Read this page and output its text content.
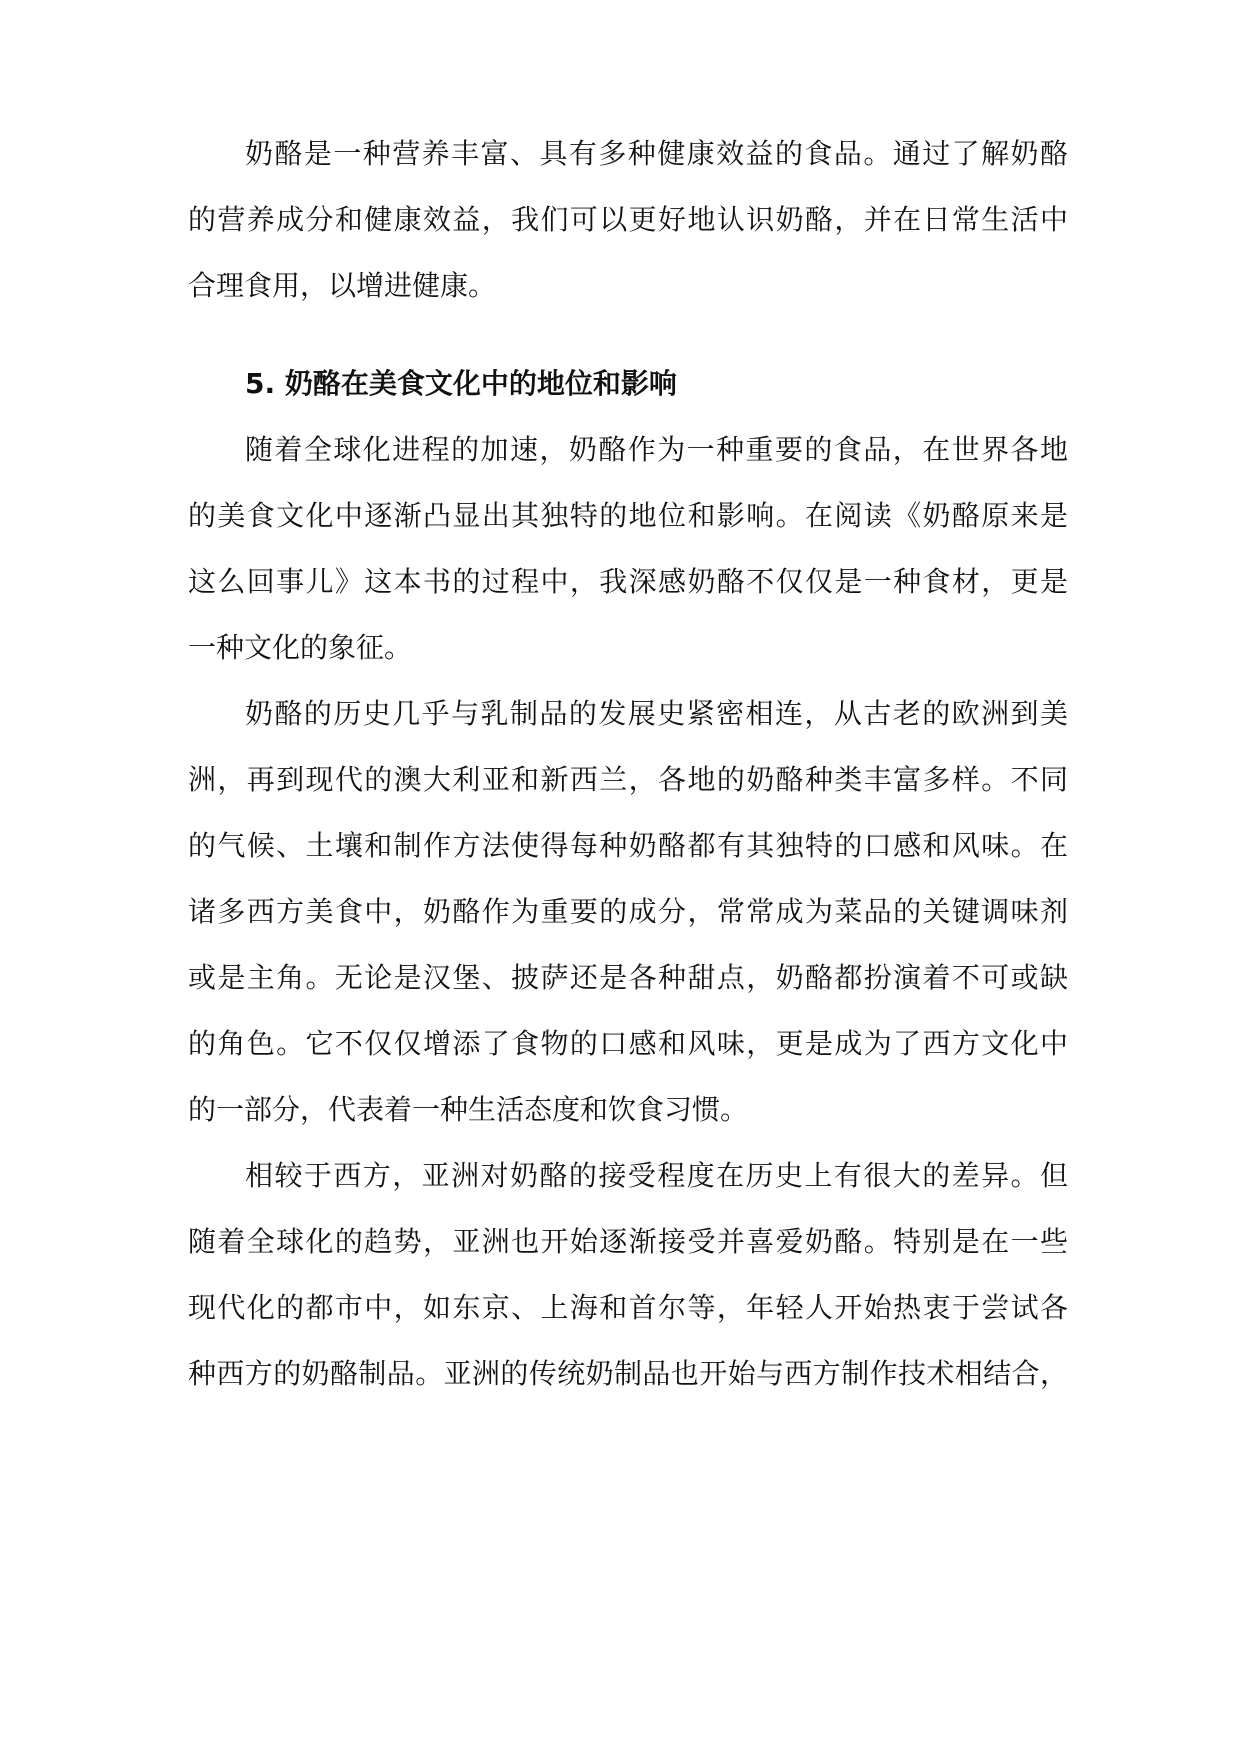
奶酪是一种营养丰富、具有多种健康效益的食品。通过了解奶酪
的营养成分和健康效益，我们可以更好地认识奶酪，并在日常生活中
合理食用，以增进健康。
5. 奶酪在美食文化中的地位和影响
随着全球化进程的加速，奶酪作为一种重要的食品，在世界各地
的美食文化中逐渐凸显出其独特的地位和影响。在阅读《奶酪原来是
这么回事儿》这本书的过程中，我深感奶酪不仅仅是一种食材，更是
一种文化的象征。
奶酪的历史几乎与乳制品的发展史紧密相连，从古老的欧洲到美
洲，再到现代的澳大利亚和新西兰，各地的奶酪种类丰富多样。不同
的气候、土壤和制作方法使得每种奶酪都有其独特的口感和风味。在
诸多西方美食中，奶酪作为重要的成分，常常成为菜品的关键调味剂
或是主角。无论是汉堡、披萨还是各种甜点，奶酪都扮演着不可或缺
的角色。它不仅仅增添了食物的口感和风味，更是成为了西方文化中
的一部分，代表着一种生活态度和饮食习惯。
相较于西方，亚洲对奶酪的接受程度在历史上有很大的差异。但
随着全球化的趋势，亚洲也开始逐渐接受并喜爱奶酪。特别是在一些
现代化的都市中，如东京、上海和首尔等，年轻人开始热衷于尝试各
种西方的奶酪制品。亚洲的传统奶制品也开始与西方制作技术相结合，
